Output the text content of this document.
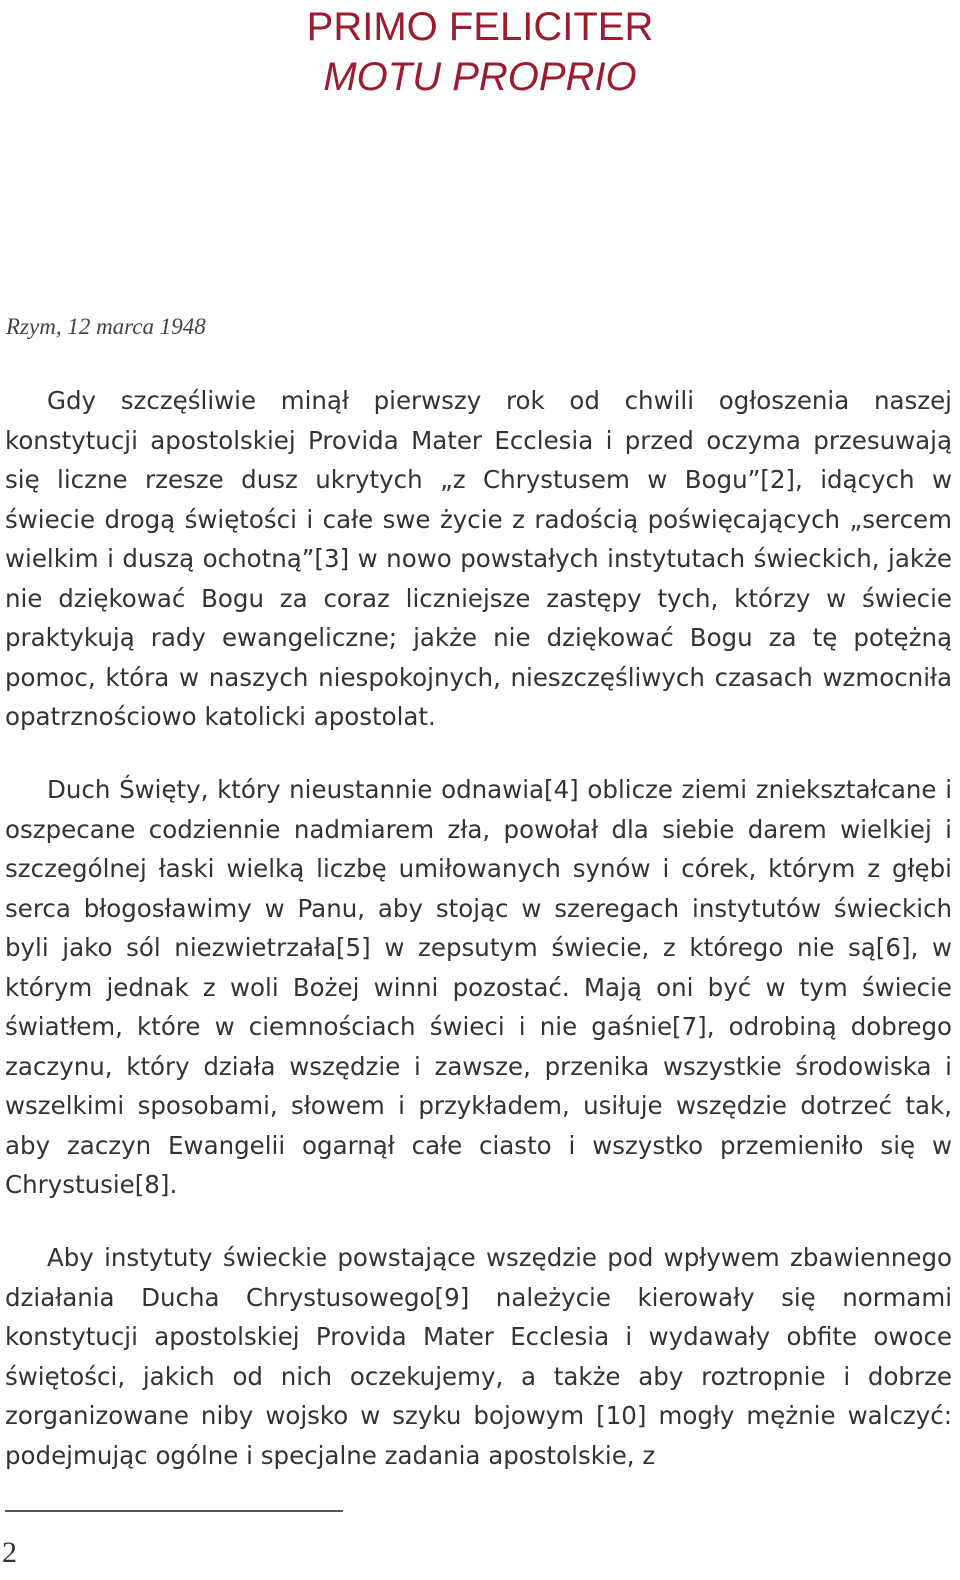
PRIMO FELICITER
MOTU PROPRIO
Rzym, 12 marca 1948

Gdy szczęśliwie minął pierwszy rok od chwili ogłoszenia naszej konstytucji apostolskiej Provida Mater Ecclesia i przed oczyma przesuwają się liczne rzesze dusz ukrytych „z Chrystusem w Bogu”[2], idących w świecie drogą świętości i całe swe życie z radością poświęcających „sercem wielkim i duszą ochotną”[3] w nowo powstałych instytutach świeckich, jakże nie dziękować Bogu za coraz liczniejsze zastępy tych, którzy w świecie praktykują rady ewangeliczne; jakże nie dziękować Bogu za tę potężną pomoc, która w naszych niespokojnych, nieszczęśliwych czasach wzmocniła opatrznościowo katolicki apostolat.

Duch Święty, który nieustannie odnawia[4] oblicze ziemi zniekształcane i oszpecane codziennie nadmiarem zła, powołał dla siebie darem wielkiej i szczególnej łaski wielką liczbę umiłowanych synów i córek, którym z głębi serca błogosławimy w Panu, aby stojąc w szeregach instytutów świeckich byli jako sól niezwietrzała[5] w zepsutym świecie, z którego nie są[6], w którym jednak z woli Bożej winni pozostać. Mają oni być w tym świecie światłem, które w ciemnościach świeci i nie gaśnie[7], odrobiną dobrego zaczynu, który działa wszędzie i zawsze, przenika wszystkie środowiska i wszelkimi sposobami, słowem i przykładem, usiłuje wszędzie dotrzeć tak, aby zaczyn Ewangelii ogarnął całe ciasto i wszystko przemieniło się w Chrystusie[8].

Aby instytuty świeckie powstające wszędzie pod wpływem zbawiennego działania Ducha Chrystusowego[9] należycie kierowały się normami konstytucji apostolskiej Provida Mater Ecclesia i wydawały obfite owoce świętości, jakich od nich oczekujemy, a także aby roztropnie i dobrze zorganizowane niby wojsko w szyku bojowym [10] mogły mężnie walczyć: podejmując ogólne i specjalne zadania apostolskie, z

2
